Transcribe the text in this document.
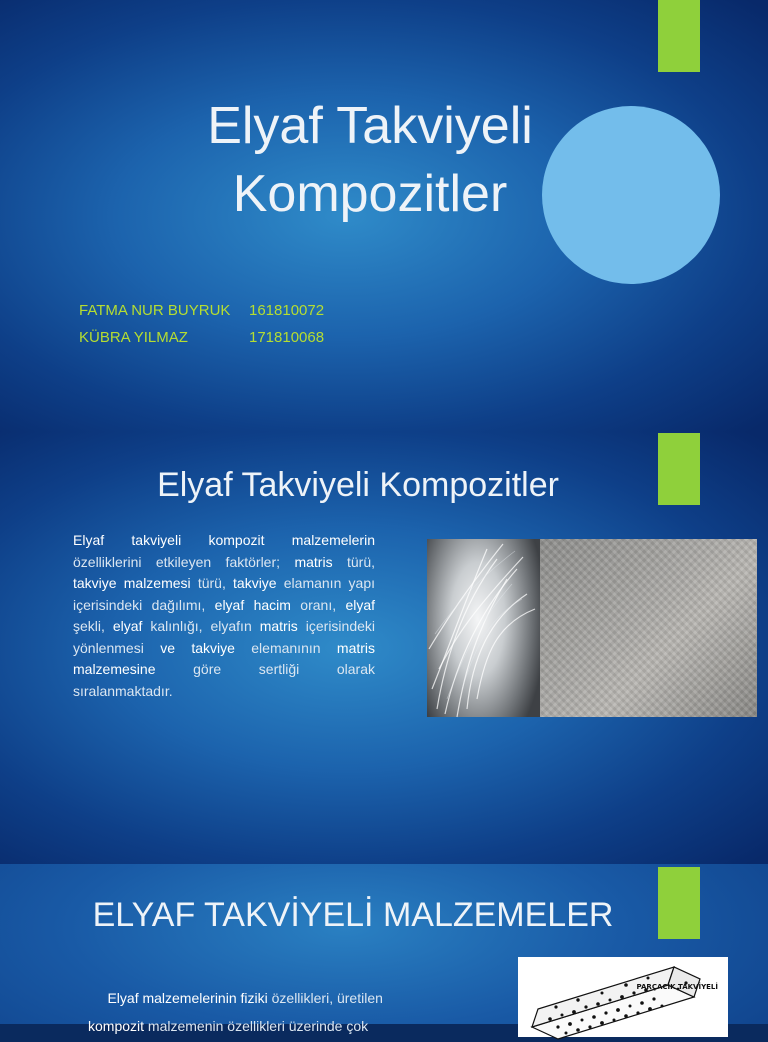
Elyaf Takviyeli
Kompozitler
FATMA NUR BUYRUK 161810072
KÜBRA YILMAZ	171810068
Elyaf Takviyeli Kompozitler

Elyaf takviyeli kompozit malzemelerin özelliklerini etkileyen faktörler; matris türü, takviye malzemesi türü, takviye elamanın yapı içerisindeki dağılımı, elyaf hacim oranı, elyaf şekli, elyaf kalınlığı, elyafın matris içerisindeki yönlenmesi ve takviye elemanının matris malzemesine	göre sertliği olarak sıralanmaktadır.

ELYAF TAKVİYELİ MALZEMELER

Elyaf malzemelerinin fiziki özellikleri, üretilen
kompozit malzemenin özellikleri üzerinde çok

PARÇACIK TAKVİYELİ
